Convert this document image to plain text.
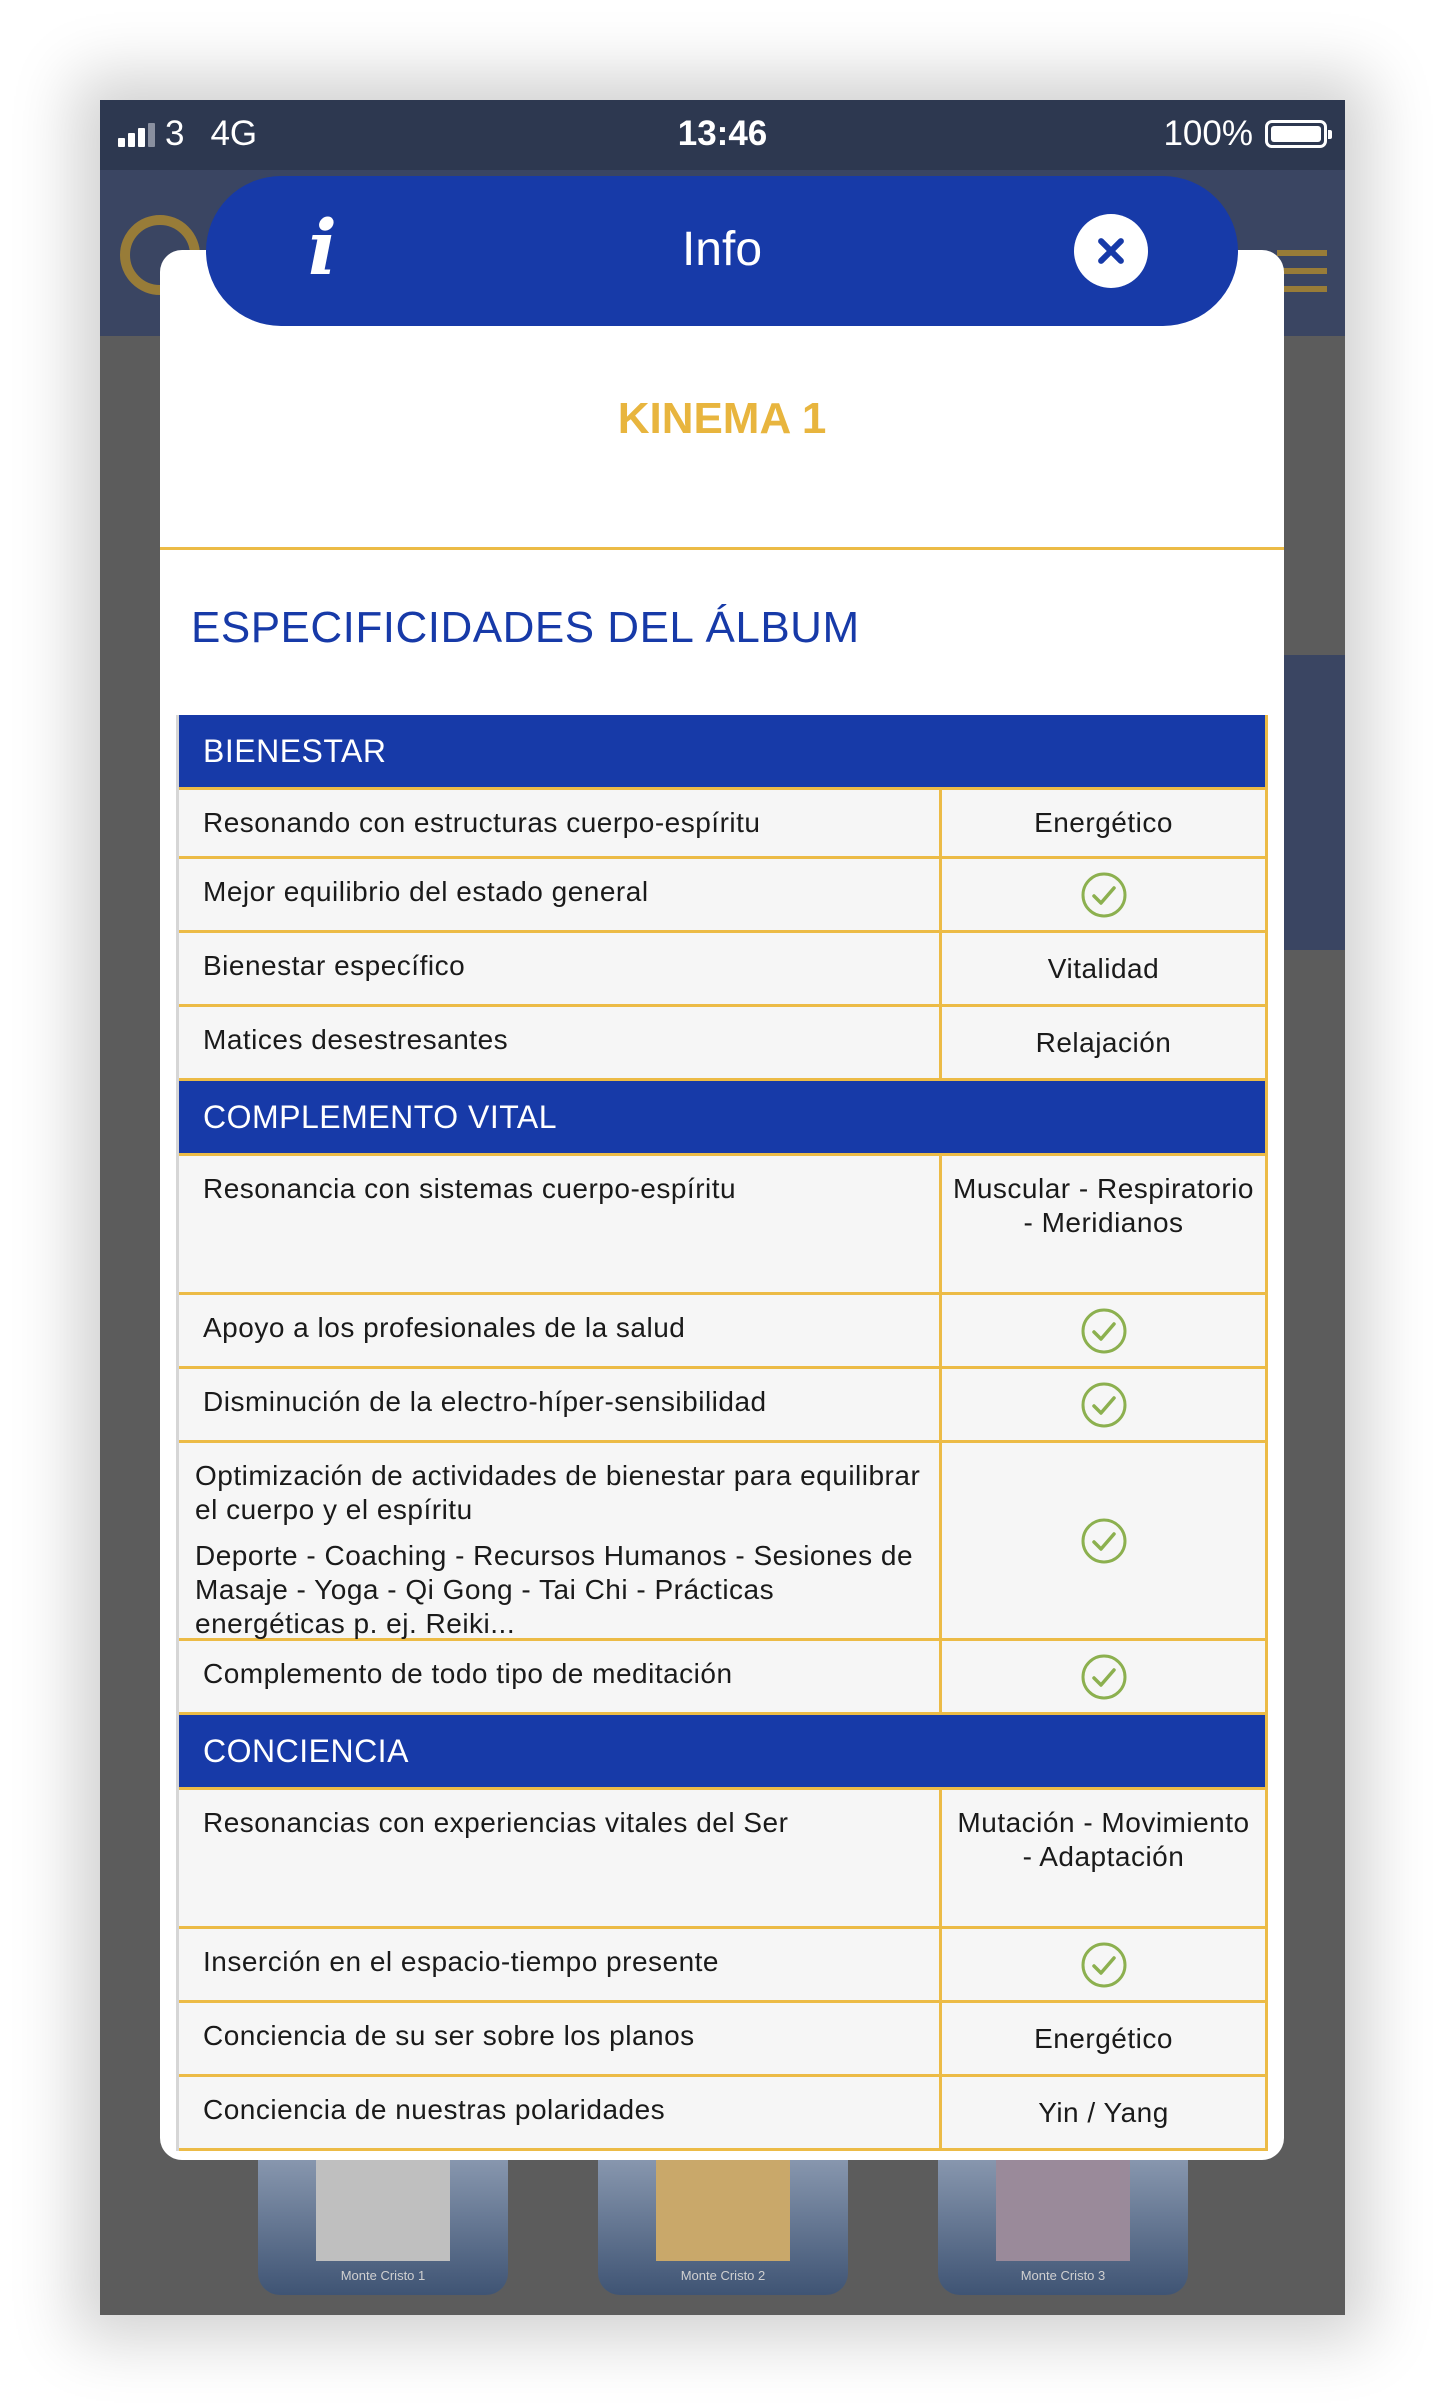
3 4G	13:46	100%
Monte Cristo 1	Monte Cristo 2	Monte Cristo 3
KINEMA 1
ESPECIFICIDADES DEL ÁLBUM
BIENESTAR
Resonando con estructuras cuerpo-espíritu	Energético
Mejor equilibrio del estado general
Bienestar específico	Vitalidad
Matices desestresantes	Relajación
COMPLEMENTO VITAL
Resonancia con sistemas cuerpo-espíritu	Muscular - Respiratorio - Meridianos
Apoyo a los profesionales de la salud
Disminución de la electro-híper-sensibilidad
Optimización de actividades de bienestar para equilibrar el cuerpo y el espíritu
Deporte - Coaching - Recursos Humanos - Sesiones de Masaje - Yoga - Qi Gong - Tai Chi - Prácticas energéticas p. ej. Reiki...
Complemento de todo tipo de meditación
CONCIENCIA
Resonancias con experiencias vitales del Ser	Mutación - Movimiento - Adaptación
Inserción en el espacio-tiempo presente
Conciencia de su ser sobre los planos	Energético
Conciencia de nuestras polaridades	Yin / Yang
i	Info
